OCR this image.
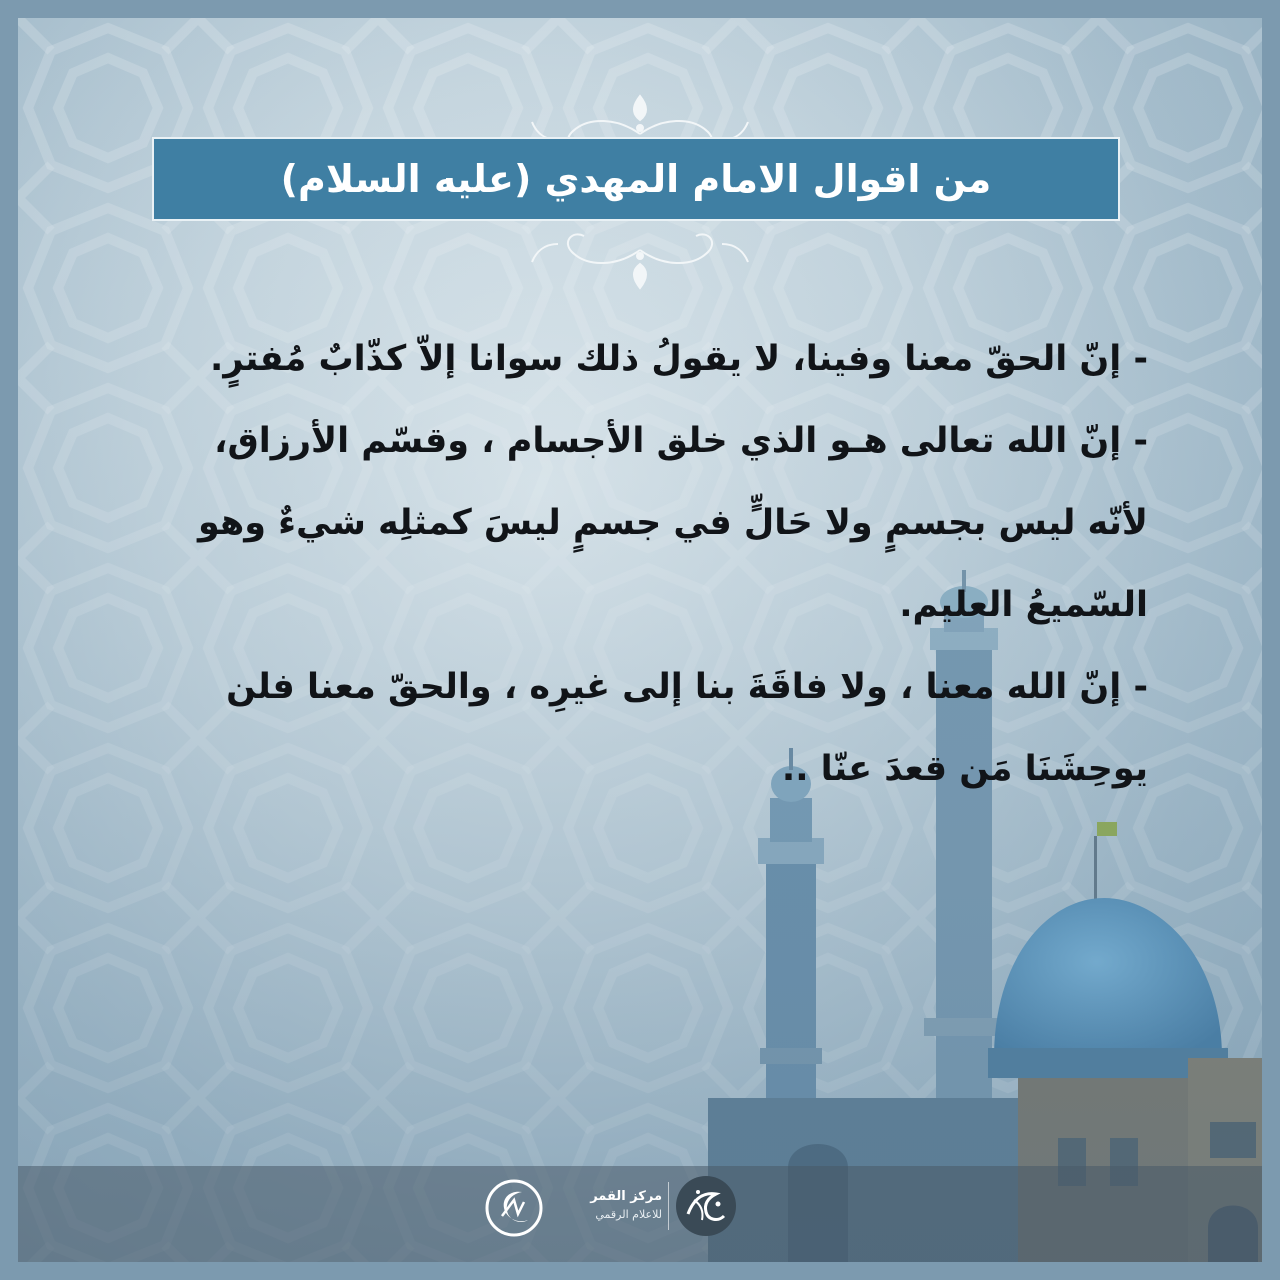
من اقوال الامام المهدي (عليه السلام)

- إنّ الحقّ معنا وفينا، لا يقولُ ذلك سوانا إلاّ كذّابٌ مُفترٍ.

- إنّ الله تعالى هـو الذي خلق الأجسام ، وقسّم الأرزاق، لأنّه ليس بجسمٍ ولا حَالٍّ في جسمٍ ليسَ كمثلِه شيءٌ وهو السّميعُ العليم.

- إنّ الله معنا ، ولا فاقَةَ بنا إلى غيرِه ، والحقّ معنا فلن يوحِشَنَا مَن قعدَ عنّا ..

مركز القمر
للاعلام الرقمي
